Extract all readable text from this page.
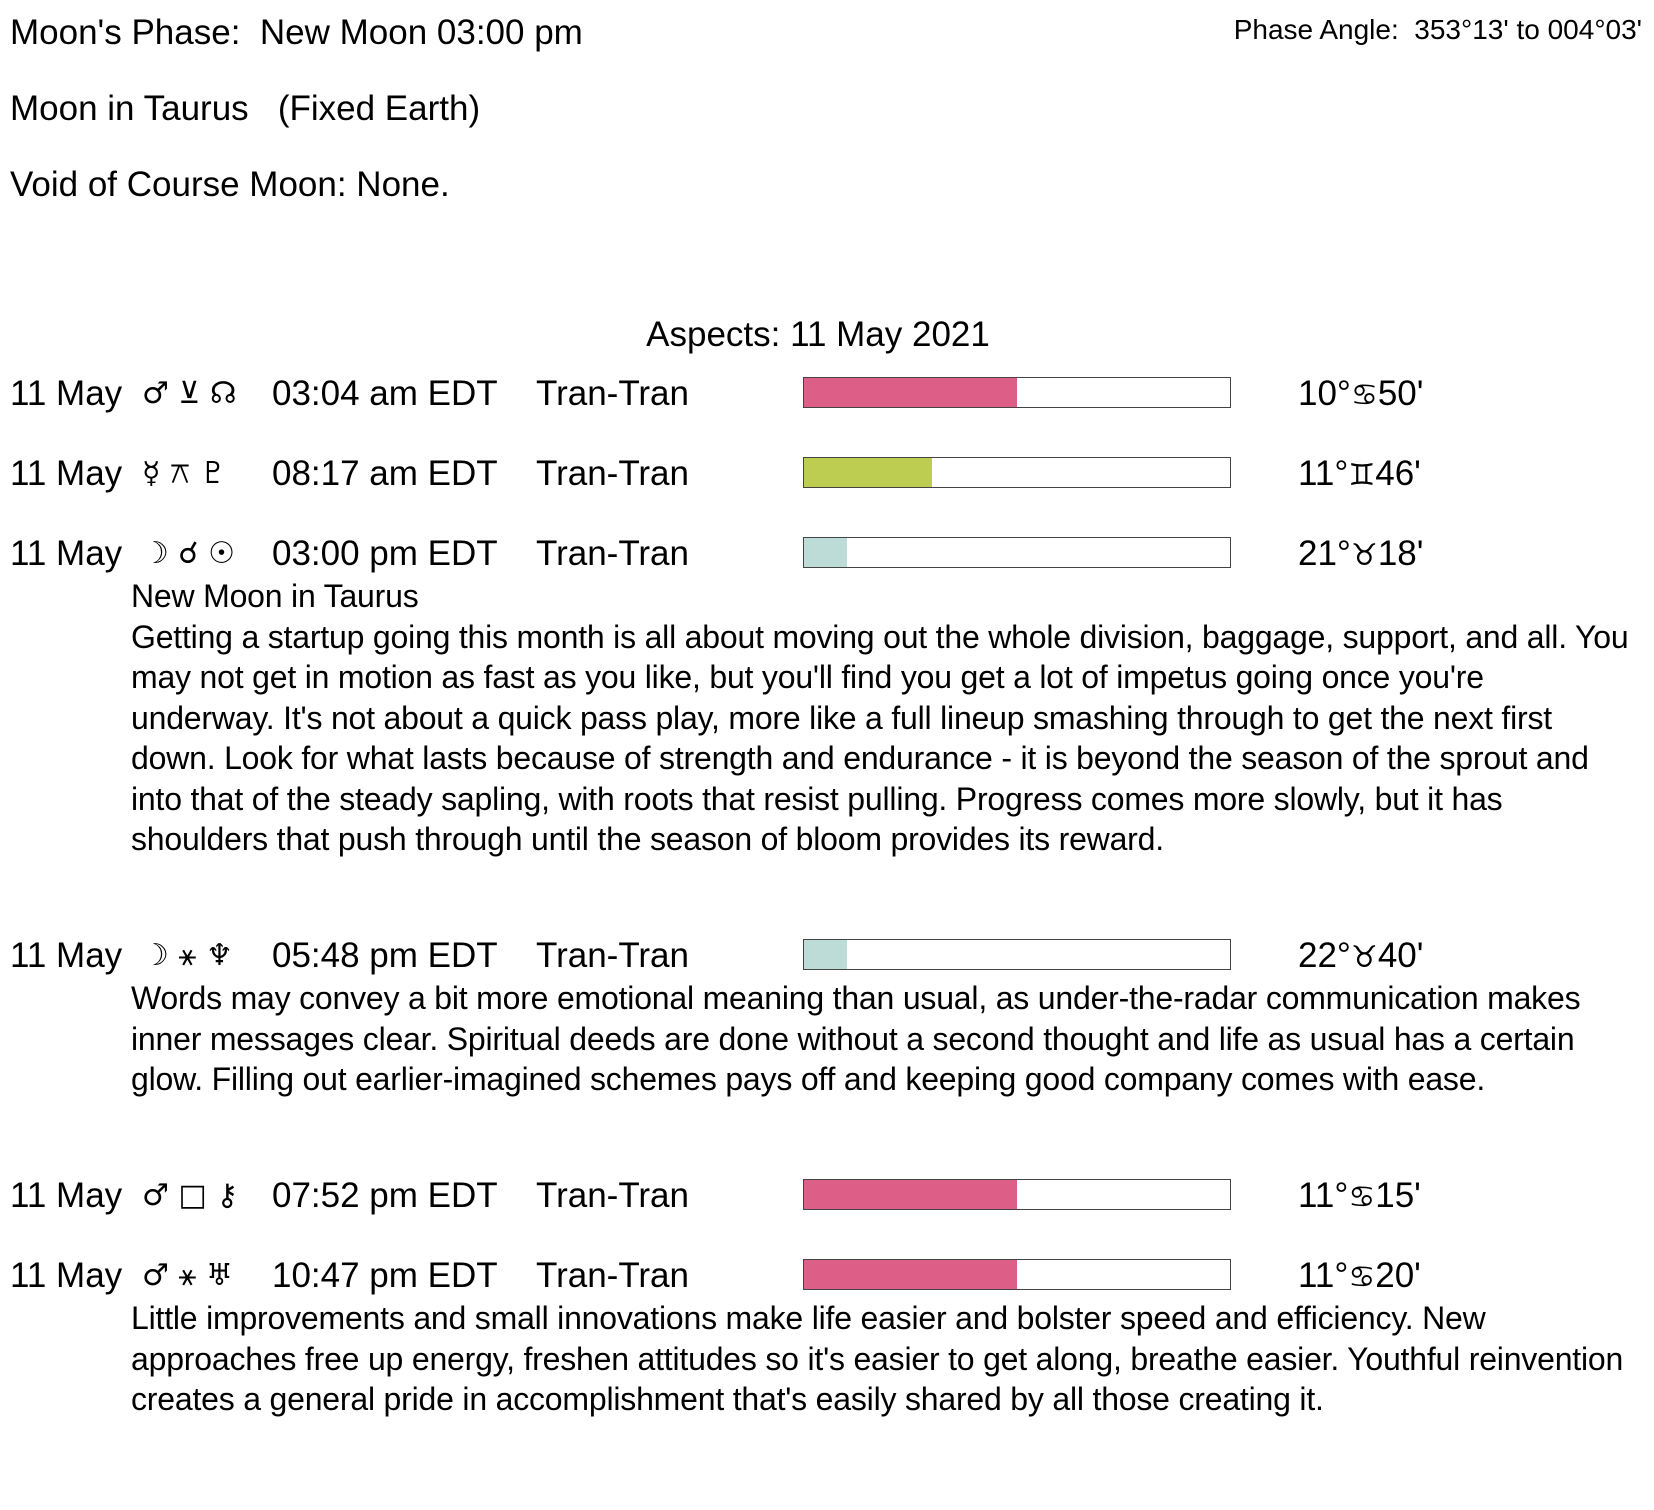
Moon's Phase:  New Moon 03:00 pm	Phase Angle:  353°13' to 004°03'
Moon in Taurus   (Fixed Earth)
Void of Course Moon: None.
Aspects: 11 May 2021
11 May ♂ ⊻ ☊ 03:04 am EDT Tran-Tran	10°♋50'
11 May ☿ ⚻ ♇ 08:17 am EDT Tran-Tran	11°♊46'
11 May ☽ ☌ ☉ 03:00 pm EDT Tran-Tran	21°♉18'

New Moon in Taurus

Getting a startup going this month is all about moving out the whole division, baggage, support, and all. You may not get in motion as fast as you like, but you'll find you get a lot of impetus going once you're underway. It's not about a quick pass play, more like a full lineup smashing through to get the next first down. Look for what lasts because of strength and endurance - it is beyond the season of the sprout and into that of the steady sapling, with roots that resist pulling. Progress comes more slowly, but it has shoulders that push through until the season of bloom provides its reward.

11 May ☽ ⚹ ♆ 05:48 pm EDT Tran-Tran	22°♉40'

Words may convey a bit more emotional meaning than usual, as under-the-radar communication makes inner messages clear. Spiritual deeds are done without a second thought and life as usual has a certain glow. Filling out earlier-imagined schemes pays off and keeping good company comes with ease.

11 May ♂ □ ⚷ 07:52 pm EDT Tran-Tran	11°♋15'
11 May ♂ ⚹ ♅ 10:47 pm EDT Tran-Tran	11°♋20'

Little improvements and small innovations make life easier and bolster speed and efficiency. New approaches free up energy, freshen attitudes so it's easier to get along, breathe easier. Youthful reinvention creates a general pride in accomplishment that's easily shared by all those creating it.
